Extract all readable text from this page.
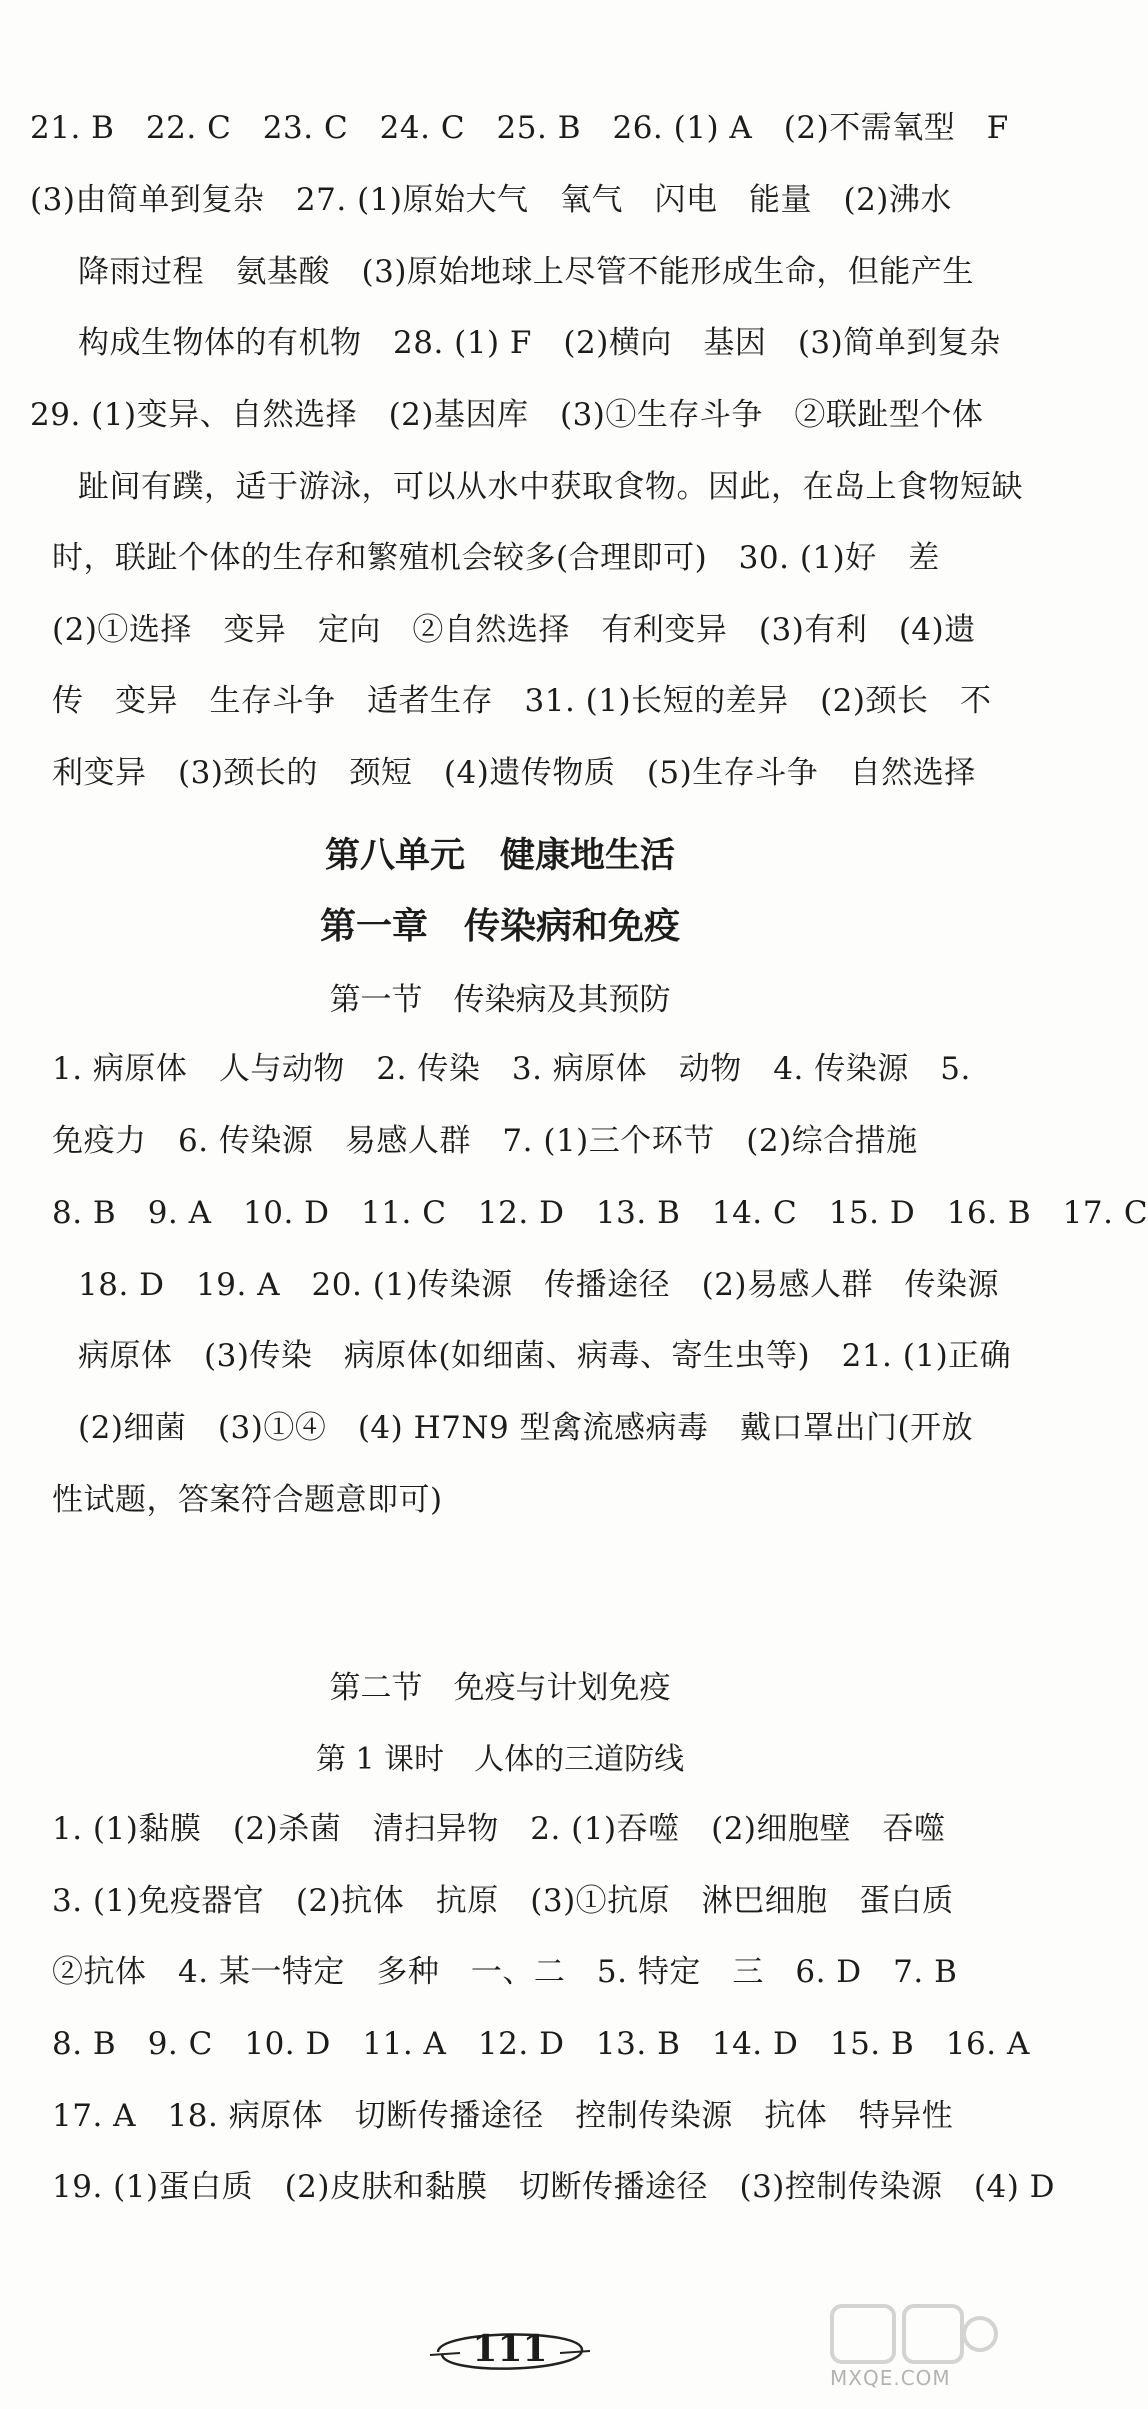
21. B　22. C　23. C　24. C　25. B　26. (1) A　(2)不需氧型　F
(3)由简单到复杂　27. (1)原始大气　氧气　闪电　能量　(2)沸水
降雨过程　氨基酸　(3)原始地球上尽管不能形成生命，但能产生
构成生物体的有机物　28. (1) F　(2)横向　基因　(3)简单到复杂
29. (1)变异、自然选择　(2)基因库　(3)①生存斗争　②联趾型个体
趾间有蹼，适于游泳，可以从水中获取食物。因此，在岛上食物短缺
时，联趾个体的生存和繁殖机会较多(合理即可)　30. (1)好　差
(2)①选择　变异　定向　②自然选择　有利变异　(3)有利　(4)遗
传　变异　生存斗争　适者生存　31. (1)长短的差异　(2)颈长　不
利变异　(3)颈长的　颈短　(4)遗传物质　(5)生存斗争　自然选择
第八单元　健康地生活
第一章　传染病和免疫
第一节　传染病及其预防
1. 病原体　人与动物　2. 传染　3. 病原体　动物　4. 传染源　5.
免疫力　6. 传染源　易感人群　7. (1)三个环节　(2)综合措施
8. B　9. A　10. D　11. C　12. D　13. B　14. C　15. D　16. B　17. C
18. D　19. A　20. (1)传染源　传播途径　(2)易感人群　传染源
病原体　(3)传染　病原体(如细菌、病毒、寄生虫等)　21. (1)正确
(2)细菌　(3)①④　(4) H7N9 型禽流感病毒　戴口罩出门(开放
性试题，答案符合题意即可)
第二节　免疫与计划免疫
第 1 课时　人体的三道防线
1. (1)黏膜　(2)杀菌　清扫异物　2. (1)吞噬　(2)细胞壁　吞噬
3. (1)免疫器官　(2)抗体　抗原　(3)①抗原　淋巴细胞　蛋白质
②抗体　4. 某一特定　多种　一、二　5. 特定　三　6. D　7. B
8. B　9. C　10. D　11. A　12. D　13. B　14. D　15. B　16. A
17. A　18. 病原体　切断传播途径　控制传染源　抗体　特异性
19. (1)蛋白质　(2)皮肤和黏膜　切断传播途径　(3)控制传染源　(4) D
111
MXQE.COM
